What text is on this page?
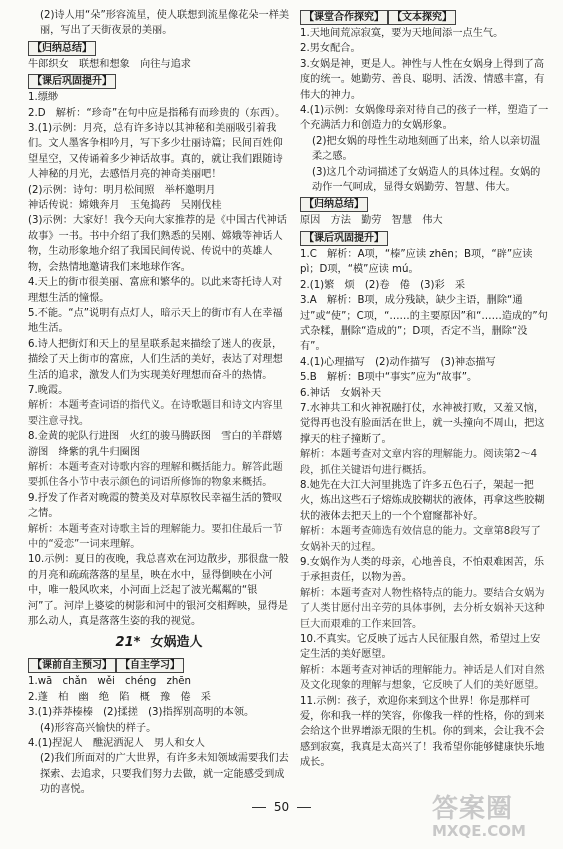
(2)诗人用“朵”形容流星，使人联想到流星像花朵一样美丽，写出了天街夜景的美丽。

【归纳总结】

牛郎织女　联想和想象　向往与追求

【课后巩固提升】

1.缥缈

2.D　解析：“珍奇”在句中应是指稀有而珍贵的（东西）。

3.(1)示例：月亮，总有许多诗以其神秘和美丽吸引着我们。文人墨客争相吟月，写下多少壮丽诗篇；民间百姓仰望星空，又传诵着多少神话故事。真的，就让我们跟随诗人神秘的月光，去感悟月亮的神奇美丽吧！

(2)示例：诗句：明月松间照　举杯邀明月

神话传说：嫦娥奔月　玉兔捣药　吴刚伐桂

(3)示例：大家好！我今天向大家推荐的是《中国古代神话故事》一书。书中介绍了我们熟悉的吴刚、嫦娥等神话人物，生动形象地介绍了我国民间传说、传说中的英雄人物，会热情地邀请我们来地球作客。

4.天上的街市很美丽、富庶和繁华的。以此来寄托诗人对理想生活的憧憬。

5.不能。“点”说明有点灯人，暗示天上的街市有人在幸福地生活。

6.诗人把街灯和天上的星星联系起来描绘了迷人的夜景，描绘了天上街市的富庶，人们生活的美好，表达了对理想生活的追求，激发人们为实现美好理想而奋斗的热情。

7.晚霞。

解析：本题考查词语的指代义。在诗歌题目和诗文内容里要注意寻找。

8.金黄的驼队行进图　火红的骏马腾跃图　雪白的羊群嬉游图　绛紫的乳牛归圈图

解析：本题考查对诗歌内容的理解和概括能力。解答此题要抓住各小节中表示颜色的词语所修饰的物象来概括。

9.抒发了作者对晚霞的赞美及对草原牧民幸福生活的赞叹之情。

解析：本题考查对诗歌主旨的理解能力。要扣住最后一节中的“爱恋”一词来理解。

10.示例：夏日的夜晚，我总喜欢在河边散步，那很盘一般的月亮和疏疏落落的星星，映在水中，显得倒映在小河中，唯一般风吹来，小河面上泛起了波光粼粼的“银河”了。河岸上婆娑的树影和河中的银河交相辉映，显得是那么动人，真是落落生姿的我的视觉。

21* 女娲造人
【课前自主预习】 【自主学习】

1.wā　chǎn　wěi　chéng　zhēn

2.蓬　柏　幽　绝　陷　概　豫　倦　采

3.(1)莽莽榛榛　(2)揉搓　(3)指挥别高明的本领。

(4)形容高兴愉快的样子。

4.(1)捏泥人　醮泥洒泥人　男人和女人

(2)我们所面对的广大世界，有许多未知领域需要我们去探索、去追求，只要我们努力去做，就一定能感受到成功的喜悦。

【课堂合作探究】 【文本探究】

1.天地间荒凉寂寞，要为天地间添一点生气。

2.男女配合。

3.女娲是神，更是人。神性与人性在女娲身上得到了高度的统一。她勤劳、善良、聪明、活泼、情感丰富，有伟大的神力。

4.(1)示例：女娲像母亲对待自己的孩子一样，塑造了一个充满活力和创造力的女娲形象。

(2)把女娲的母性生动地刻画了出来，给人以亲切温柔之感。

(3)这几个动词描述了女娲造人的具体过程。女娲的动作一气呵成，显得女娲勤劳、智慧、伟大。

【归纳总结】

原因　方法　勤劳　智慧　伟大

【课后巩固提升】

1.C　解析：A项，“榛”应读 zhēn；B项，“辟”应读 pì；D项，“模”应读 mú。

2.(1)繁　烦　(2)卷　倦　(3)彩　采

3.A　解析：B项，成分残缺，缺少主语，删除“通过”或“使”；C项，“……的主要原因”和“……造成的”句式杂糅，删除“造成的”；D项，否定不当，删除“没有”。

4.(1)心理描写　(2)动作描写　(3)神态描写

5.B　解析：B项中“事实”应为“故事”。

6.神话　女娲补天

7.水神共工和火神祝融打仗，水神被打败，又羞又恼，觉得再也没有脸面活在世上，就一头撞向不周山，把这撑天的柱子撞断了。

解析：本题考查对文章内容的理解能力。阅读第2～4段，抓住关键语句进行概括。

8.她先在大江大河里挑选了许多五色石子，架起一把火，炼出这些石子熔炼成胶糊状的液体，再拿这些胶糊状的液体去把天上的一个个窟窿都补好。

解析：本题考查筛选有效信息的能力。文章第8段写了女娲补天的过程。

9.女娲作为人类的母亲，心地善良，不怕艰难困苦，乐于承担责任，以物为善。

解析：本题考查对人物性格特点的能力。要结合女娲为了人类甘愿付出辛劳的具体事例，去分析女娲补天这种巨大而艰难的工作来回答。

10.不真实。它反映了远古人民征服自然，希望过上安定生活的美好愿望。

解析：本题考查对神话的理解能力。神话是人们对自然及文化现象的理解与想象，它反映了人们的美好愿望。

11.示例：孩子，欢迎你来到这个世界！你是那样可爱，你和我一样的笑容，你像我一样的性格，你的到来会给这个世界增添无限的生机。你的到来，会让我不会感到寂寞，我真是太高兴了！我希望你能够健康快乐地成长。

50	答案圈
MXQE.COM
